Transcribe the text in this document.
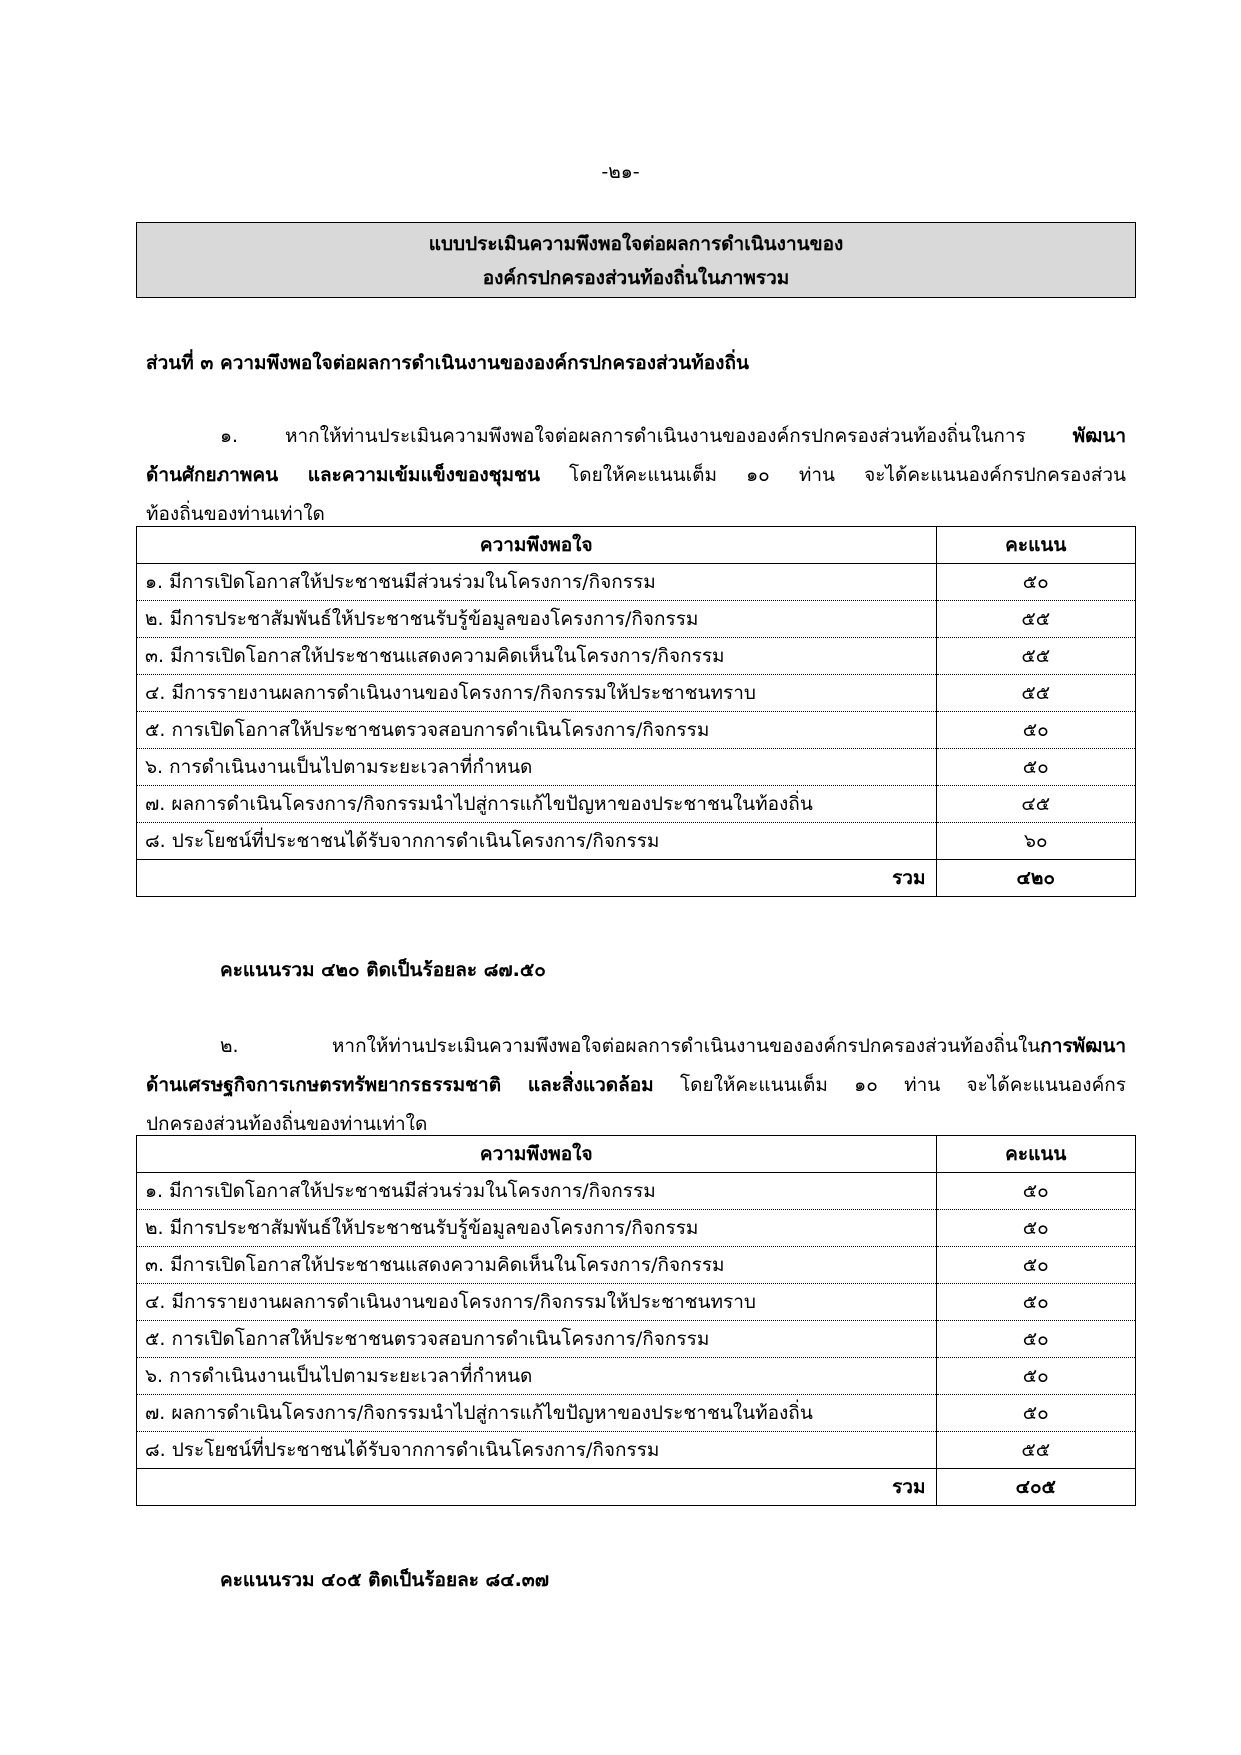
-๒๑-
แบบประเมินความพึงพอใจต่อผลการดำเนินงานของ
องค์กรปกครองส่วนท้องถิ่นในภาพรวม
ส่วนที่ ๓ ความพึงพอใจต่อผลการดำเนินงานขององค์กรปกครองส่วนท้องถิ่น
๑. หากให้ท่านประเมินความพึงพอใจต่อผลการดำเนินงานขององค์กรปกครองส่วนท้องถิ่นในการ พัฒนา
ด้านศักยภาพคน และความเข้มแข็งของชุมชน โดยให้คะแนนเต็ม ๑๐ ท่าน จะได้คะแนนองค์กรปกครองส่วน
ท้องถิ่นของท่านเท่าใด
ความพึงพอใจ	คะแนน
๑. มีการเปิดโอกาสให้ประชาชนมีส่วนร่วมในโครงการ/กิจกรรม	๕๐
๒. มีการประชาสัมพันธ์ให้ประชาชนรับรู้ข้อมูลของโครงการ/กิจกรรม	๕๕
๓. มีการเปิดโอกาสให้ประชาชนแสดงความคิดเห็นในโครงการ/กิจกรรม	๕๕
๔. มีการรายงานผลการดำเนินงานของโครงการ/กิจกรรมให้ประชาชนทราบ	๕๕
๕. การเปิดโอกาสให้ประชาชนตรวจสอบการดำเนินโครงการ/กิจกรรม	๕๐
๖. การดำเนินงานเป็นไปตามระยะเวลาที่กำหนด	๕๐
๗. ผลการดำเนินโครงการ/กิจกรรมนำไปสู่การแก้ไขปัญหาของประชาชนในท้องถิ่น	๔๕
๘. ประโยชน์ที่ประชาชนได้รับจากการดำเนินโครงการ/กิจกรรม	๖๐
รวม	๔๒๐
คะแนนรวม ๔๒๐ ติดเป็นร้อยละ ๘๗.๕๐
๒. หากให้ท่านประเมินความพึงพอใจต่อผลการดำเนินงานขององค์กรปกครองส่วนท้องถิ่นในการพัฒนา
ด้านเศรษฐกิจการเกษตรทรัพยากรธรรมชาติ และสิ่งแวดล้อม โดยให้คะแนนเต็ม ๑๐ ท่าน จะได้คะแนนองค์กร
ปกครองส่วนท้องถิ่นของท่านเท่าใด
ความพึงพอใจ	คะแนน
๑. มีการเปิดโอกาสให้ประชาชนมีส่วนร่วมในโครงการ/กิจกรรม	๕๐
๒. มีการประชาสัมพันธ์ให้ประชาชนรับรู้ข้อมูลของโครงการ/กิจกรรม	๕๐
๓. มีการเปิดโอกาสให้ประชาชนแสดงความคิดเห็นในโครงการ/กิจกรรม	๕๐
๔. มีการรายงานผลการดำเนินงานของโครงการ/กิจกรรมให้ประชาชนทราบ	๕๐
๕. การเปิดโอกาสให้ประชาชนตรวจสอบการดำเนินโครงการ/กิจกรรม	๕๐
๖. การดำเนินงานเป็นไปตามระยะเวลาที่กำหนด	๕๐
๗. ผลการดำเนินโครงการ/กิจกรรมนำไปสู่การแก้ไขปัญหาของประชาชนในท้องถิ่น	๕๐
๘. ประโยชน์ที่ประชาชนได้รับจากการดำเนินโครงการ/กิจกรรม	๕๕
รวม	๔๐๕
คะแนนรวม ๔๐๕ ติดเป็นร้อยละ ๘๔.๓๗
